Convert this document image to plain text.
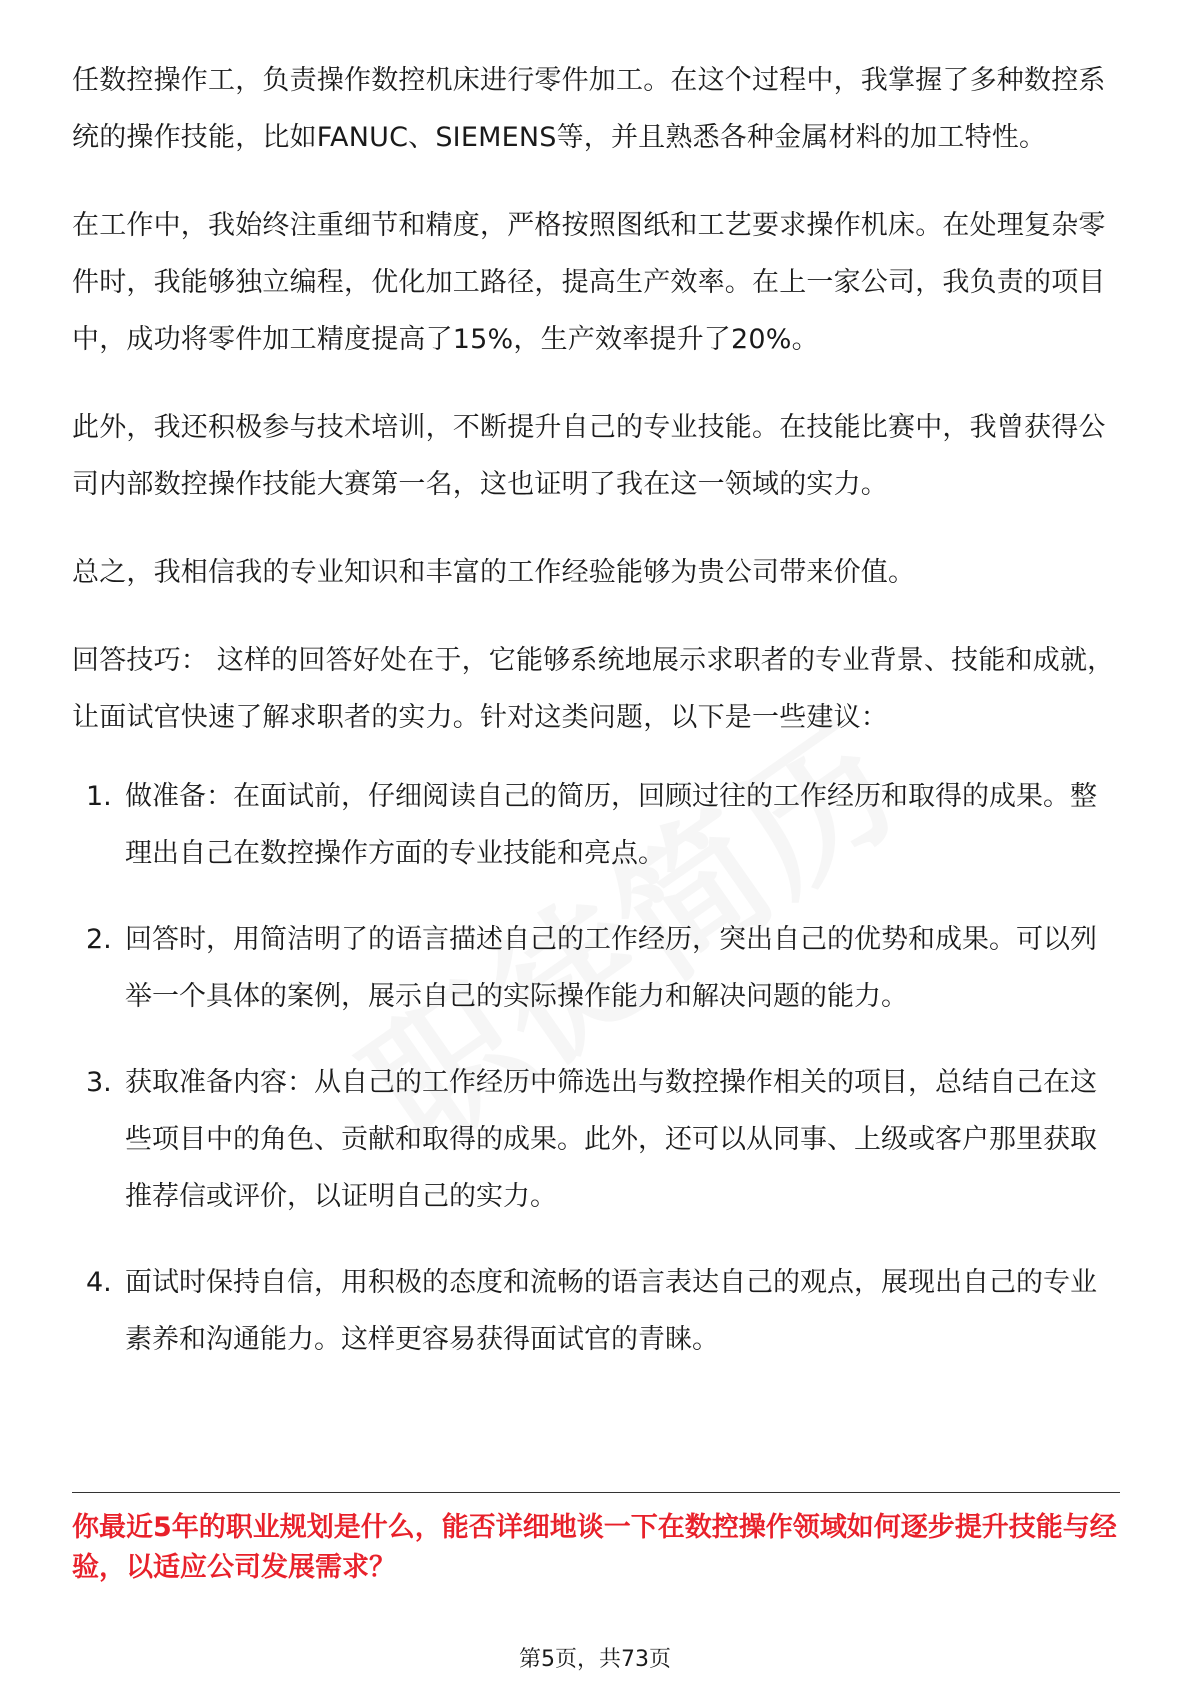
任数控操作工，负责操作数控机床进行零件加工。在这个过程中，我掌握了多种数控系统的操作技能，比如FANUC、SIEMENS等，并且熟悉各种金属材料的加工特性。

在工作中，我始终注重细节和精度，严格按照图纸和工艺要求操作机床。在处理复杂零件时，我能够独立编程，优化加工路径，提高生产效率。在上一家公司，我负责的项目中，成功将零件加工精度提高了15%，生产效率提升了20%。

此外，我还积极参与技术培训，不断提升自己的专业技能。在技能比赛中，我曾获得公司内部数控操作技能大赛第一名，这也证明了我在这一领域的实力。

总之，我相信我的专业知识和丰富的工作经验能够为贵公司带来价值。

回答技巧： 这样的回答好处在于，它能够系统地展示求职者的专业背景、技能和成就，让面试官快速了解求职者的实力。针对这类问题，以下是一些建议：

1. 做准备：在面试前，仔细阅读自己的简历，回顾过往的工作经历和取得的成果。整理出自己在数控操作方面的专业技能和亮点。
2. 回答时，用简洁明了的语言描述自己的工作经历，突出自己的优势和成果。可以列举一个具体的案例，展示自己的实际操作能力和解决问题的能力。
3. 获取准备内容：从自己的工作经历中筛选出与数控操作相关的项目，总结自己在这些项目中的角色、贡献和取得的成果。此外，还可以从同事、上级或客户那里获取推荐信或评价，以证明自己的实力。
4. 面试时保持自信，用积极的态度和流畅的语言表达自己的观点，展现出自己的专业素养和沟通能力。这样更容易获得面试官的青睐。

你最近5年的职业规划是什么，能否详细地谈一下在数控操作领域如何逐步提升技能与经验，以适应公司发展需求？

第5页，共73页
